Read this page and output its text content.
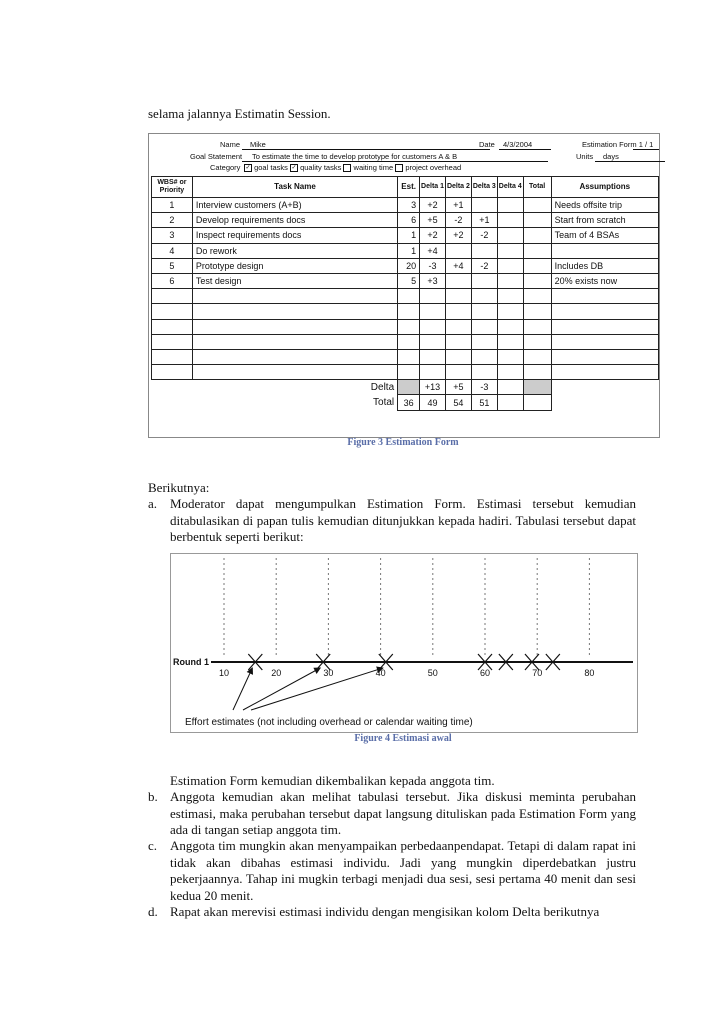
selama jalannya Estimatin Session.
Name	Mike	Date	4/3/2004	Estimation Form 1 / 1
Goal Statement	To estimate the time to develop prototype for customers A & B	Units	days
Category ✓ goal tasks ✓ quality tasks waiting time project overhead
WBS# or Priority	Task Name	Est.	Delta 1	Delta 2	Delta 3	Delta 4	Total	Assumptions
1	Interview customers (A+B)	3	+2	+1				Needs offsite trip
2	Develop requirements docs	6	+5	-2	+1			Start from scratch
3	Inspect requirements docs	1	+2	+2	-2			Team of 4 BSAs
4	Do rework	1	+4					
5	Prototype design	20	-3	+4	-2			Includes DB
6	Test design	5	+3					20% exists now

	Delta		+13	+5	-3			
	Total	36	49	54	51			
Figure 3 Estimation Form
Berikutnya:
a. Moderator dapat mengumpulkan Estimation Form. Estimasi tersebut kemudian ditabulasikan di papan tulis kemudian ditunjukkan kepada hadiri. Tabulasi tersebut dapat berbentuk seperti berikut:
Round 1
10	20	30	40	50	60	70	80
Effort estimates (not including overhead or calendar waiting time)
Figure 4 Estimasi awal
Estimation Form kemudian dikembalikan kepada anggota tim.
b. Anggota kemudian akan melihat tabulasi tersebut. Jika diskusi meminta perubahan estimasi, maka perubahan tersebut dapat langsung dituliskan pada Estimation Form yang ada di tangan setiap anggota tim.
c. Anggota tim mungkin akan menyampaikan perbedaanpendapat. Tetapi di dalam rapat ini tidak akan dibahas estimasi individu. Jadi yang mungkin diperdebatkan justru pekerjaannya. Tahap ini mugkin terbagi menjadi dua sesi, sesi pertama 40 menit dan sesi kedua 20 menit.
d. Rapat akan merevisi estimasi individu dengan mengisikan kolom Delta berikutnya
